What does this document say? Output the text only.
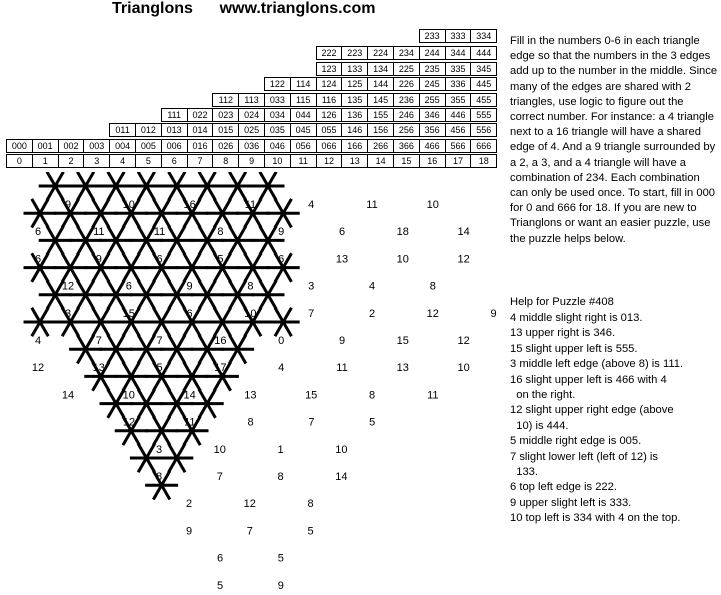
Trianglons www.trianglons.com
233	333	334
222	223	224	234	244	344	444
123	133	134	225	235	335	345
122	114	124	125	144	226	245	336	445
112	113	033	115	116	135	145	236	255	355	455
111	022	023	024	034	044	126	136	155	246	346	446	555
011	012	013	014	015	025	035	045	055	146	156	256	356	456	556
000	001	002	003	004	005	006	016	026	036	046	056	066	166	266	366	466	566	666
0	1	2	3	4	5	6	7	8	9	10	11	12	13	14	15	16	17	18

Fill in the numbers 0-6 in each triangle edge so that the numbers in the 3 edges add up to the number in the middle. Since many of the edges are shared with 2 triangles, use logic to figure out the correct number. For instance: a 4 triangle next to a 16 triangle will have a shared edge of 4. And a 9 triangle surrounded by a 2, a 3, and a 4 triangle will have a combination of 234. Each combination can only be used once. To start, fill in 000 for 0 and 666 for 18. If you are new to Trianglons or want an easier puzzle, use the puzzle helps below.

Help for Puzzle #408
4 middle slight right is 013.
13 upper right is 346.
15 slight upper left is 555.
3 middle left edge (above 8) is 111.
16 slight upper left is 466 with 4
on the right.
12 slight upper right edge (above
10) is 444.
5 middle right edge is 005.
7 slight lower left (left of 12) is
133.
6 top left edge is 222.
9 upper slight left is 333.
10 top left is 334 with 4 on the top.
9	10	16	11	4	11	10
6	11	11	8	9	6	18	14
6	9	6	5	6	13	10	12
12	6	9	8	3	4	8
3	15	6	10	7	2	12	9
4	7	7	16	0	9	15	12
12	13	5	17	4	11	13	10
14	10	14	13	15	8	11
12	11	8	7	5
3	10	1	10
8	7	8	14
2	12	8
9	7	5
6	5
5	9
